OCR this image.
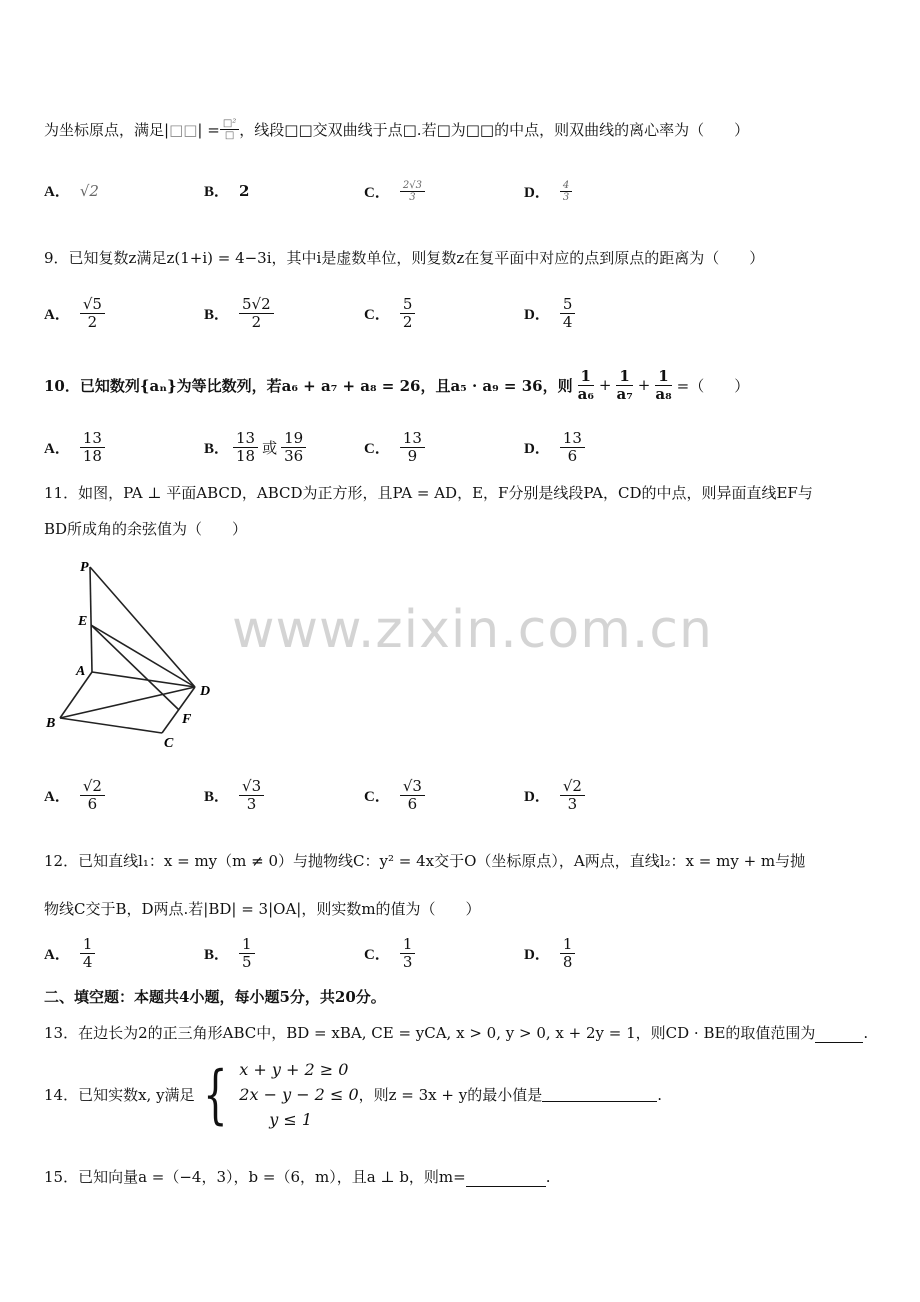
为坐标原点，满足| □□ | = $\frac{\text{□²}}{□}$ ，线段□□交双曲线于点□.若□为□□的中点，则双曲线的离心率为（　　）
A． √2	B． 2	C． $\frac{2√3}{3}$	D． $\frac{4}{3}$
9．已知复数z满足z(1+i) = 4−3i，其中i是虚数单位，则复数z在复平面中对应的点到原点的距离为（　　）
A． $\frac{√5}{2}$	B． $\frac{5√2}{2}$	C． $\frac{5}{2}$	D． $\frac{5}{4}$
10．已知数列{aₙ}为等比数列，若a₆ + a₇ + a₈ = 26，且a₅ · a₉ = 36，则 $\frac{1}{\text{a₆}} + \frac{1}{\text{a₇}} + \frac{1}{\text{a₈}}$ =（　　）
A． $\frac{13}{18}$	B． $\frac{13}{18}$ 或 $\frac{19}{36}$	C． $\frac{13}{9}$	D． $\frac{13}{6}$
11．如图，PA ⊥ 平面ABCD，ABCD为正方形，且PA = AD，E，F分别是线段PA，CD的中点，则异面直线EF与
BD所成角的余弦值为（　　）
P
E
A
D
B	F
C
www.zixin.com.cn
A． $\frac{√2}{6}$	B． $\frac{√3}{3}$	C． $\frac{√3}{6}$	D． $\frac{√2}{3}$
12．已知直线l₁：x = my（m ≠ 0）与抛物线C：y² = 4x交于O（坐标原点），A两点，直线l₂：x = my + m与抛
物线C交于B，D两点.若|BD| = 3|OA|，则实数m的值为（　　）
A． $\frac{1}{4}$	B． $\frac{1}{5}$	C． $\frac{1}{3}$	D． $\frac{1}{8}$
二、填空题：本题共4小题，每小题5分，共20分。
13．在边长为2的正三角形ABC中，BD = xBA, CE = yCA, x > 0, y > 0, x + 2y = 1，则CD · BE的取值范围为	.
14．已知实数x, y满足 { x + y + 2 ≥ 0
2x − y − 2 ≤ 0
y ≤ 1
，则z = 3x + y的最小值是	.
15．已知向量a =（−4，3），b =（6，m），且a ⊥ b，则m=	.
